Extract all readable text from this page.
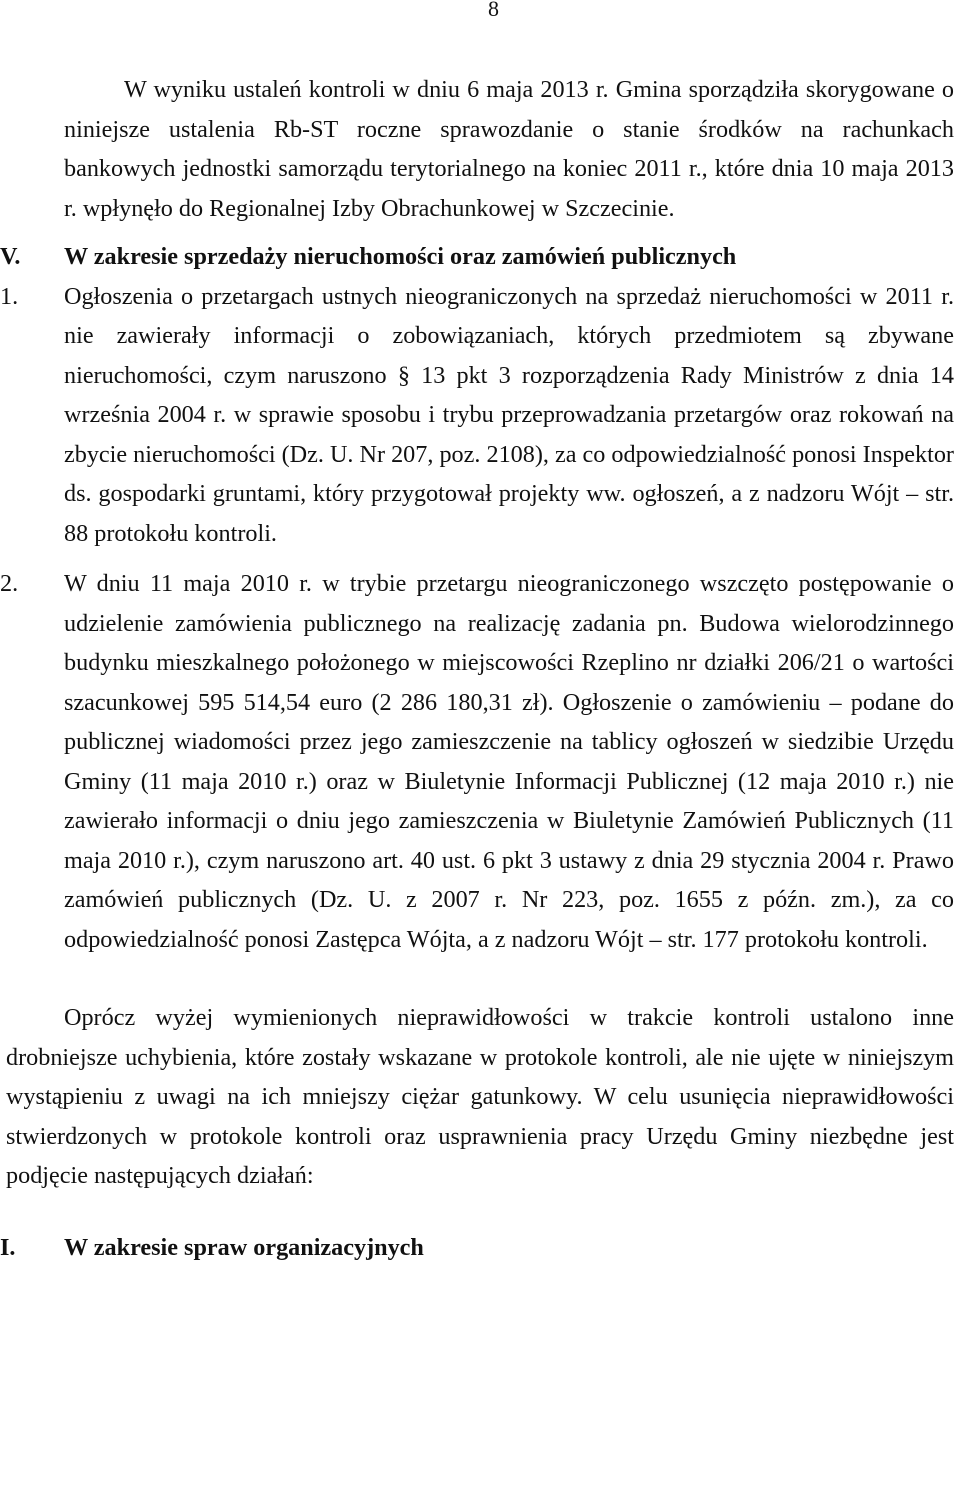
8

W wyniku ustaleń kontroli w dniu 6 maja 2013 r. Gmina sporządziła skorygowane o niniejsze ustalenia Rb-ST roczne sprawozdanie o stanie środków na rachunkach bankowych jednostki samorządu terytorialnego na koniec 2011 r., które dnia 10 maja 2013 r. wpłynęło do Regionalnej Izby Obrachunkowej w Szczecinie.

V.	W zakresie sprzedaży nieruchomości oraz zamówień publicznych
1.	Ogłoszenia o przetargach ustnych nieograniczonych na sprzedaż nieruchomości w 2011 r. nie zawierały informacji o zobowiązaniach, których przedmiotem są zbywane nieruchomości, czym naruszono § 13 pkt 3 rozporządzenia Rady Ministrów z dnia 14 września 2004 r. w sprawie sposobu i trybu przeprowadzania przetargów oraz rokowań na zbycie nieruchomości (Dz. U. Nr 207, poz. 2108), za co odpowiedzialność ponosi Inspektor ds. gospodarki gruntami, który przygotował projekty ww. ogłoszeń, a z nadzoru Wójt – str. 88 protokołu kontroli.
2.	W dniu 11 maja 2010 r. w trybie przetargu nieograniczonego wszczęto postępowanie o udzielenie zamówienia publicznego na realizację zadania pn. Budowa wielorodzinnego budynku mieszkalnego położonego w miejscowości Rzeplino nr działki 206/21 o wartości szacunkowej 595 514,54 euro (2 286 180,31 zł). Ogłoszenie o zamówieniu – podane do publicznej wiadomości przez jego zamieszczenie na tablicy ogłoszeń w siedzibie Urzędu Gminy (11 maja 2010 r.) oraz w Biuletynie Informacji Publicznej (12 maja 2010 r.) nie zawierało informacji o dniu jego zamieszczenia w Biuletynie Zamówień Publicznych (11 maja 2010 r.), czym naruszono art. 40 ust. 6 pkt 3 ustawy z dnia 29 stycznia 2004 r. Prawo zamówień publicznych (Dz. U. z 2007 r. Nr 223, poz. 1655 z późn. zm.), za co odpowiedzialność ponosi Zastępca Wójta, a z nadzoru Wójt – str. 177 protokołu kontroli.

Oprócz wyżej wymienionych nieprawidłowości w trakcie kontroli ustalono inne drobniejsze uchybienia, które zostały wskazane w protokole kontroli, ale nie ujęte w niniejszym wystąpieniu z uwagi na ich mniejszy ciężar gatunkowy. W celu usunięcia nieprawidłowości stwierdzonych w protokole kontroli oraz usprawnienia pracy Urzędu Gminy niezbędne jest podjęcie następujących działań:

I.	W zakresie spraw organizacyjnych
